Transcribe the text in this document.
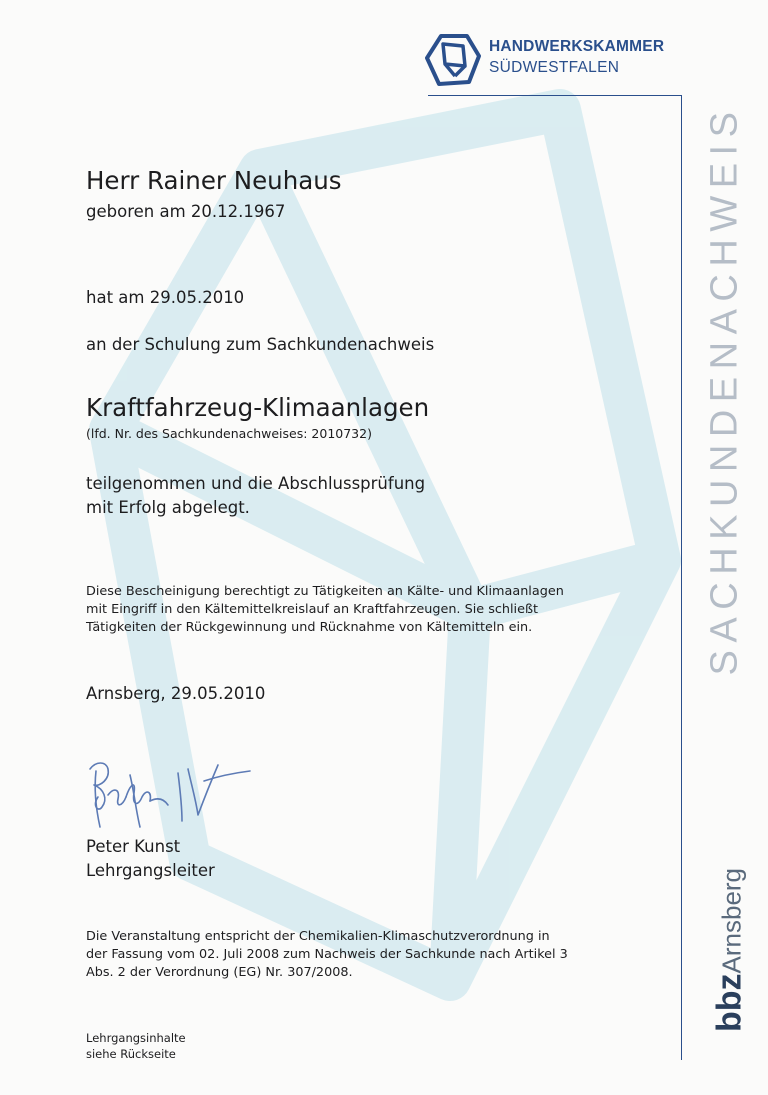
HANDWERKSKAMMER
SÜDWESTFALEN
SACHKUNDENACHWEIS
bbzArnsberg
Herr Rainer Neuhaus
geboren am 20.12.1967
hat am 29.05.2010
an der Schulung zum Sachkundenachweis
Kraftfahrzeug-Klimaanlagen
(lfd. Nr. des Sachkundenachweises: 2010732)
teilgenommen und die Abschlussprüfung
mit Erfolg abgelegt.
Diese Bescheinigung berechtigt zu Tätigkeiten an Kälte- und Klimaanlagen
mit Eingriff in den Kältemittelkreislauf an Kraftfahrzeugen. Sie schließt
Tätigkeiten der Rückgewinnung und Rücknahme von Kältemitteln ein.
Arnsberg, 29.05.2010
Peter Kunst
Lehrgangsleiter
Die Veranstaltung entspricht der Chemikalien-Klimaschutzverordnung in
der Fassung vom 02. Juli 2008 zum Nachweis der Sachkunde nach Artikel 3
Abs. 2 der Verordnung (EG) Nr. 307/2008.
Lehrgangsinhalte
siehe Rückseite
